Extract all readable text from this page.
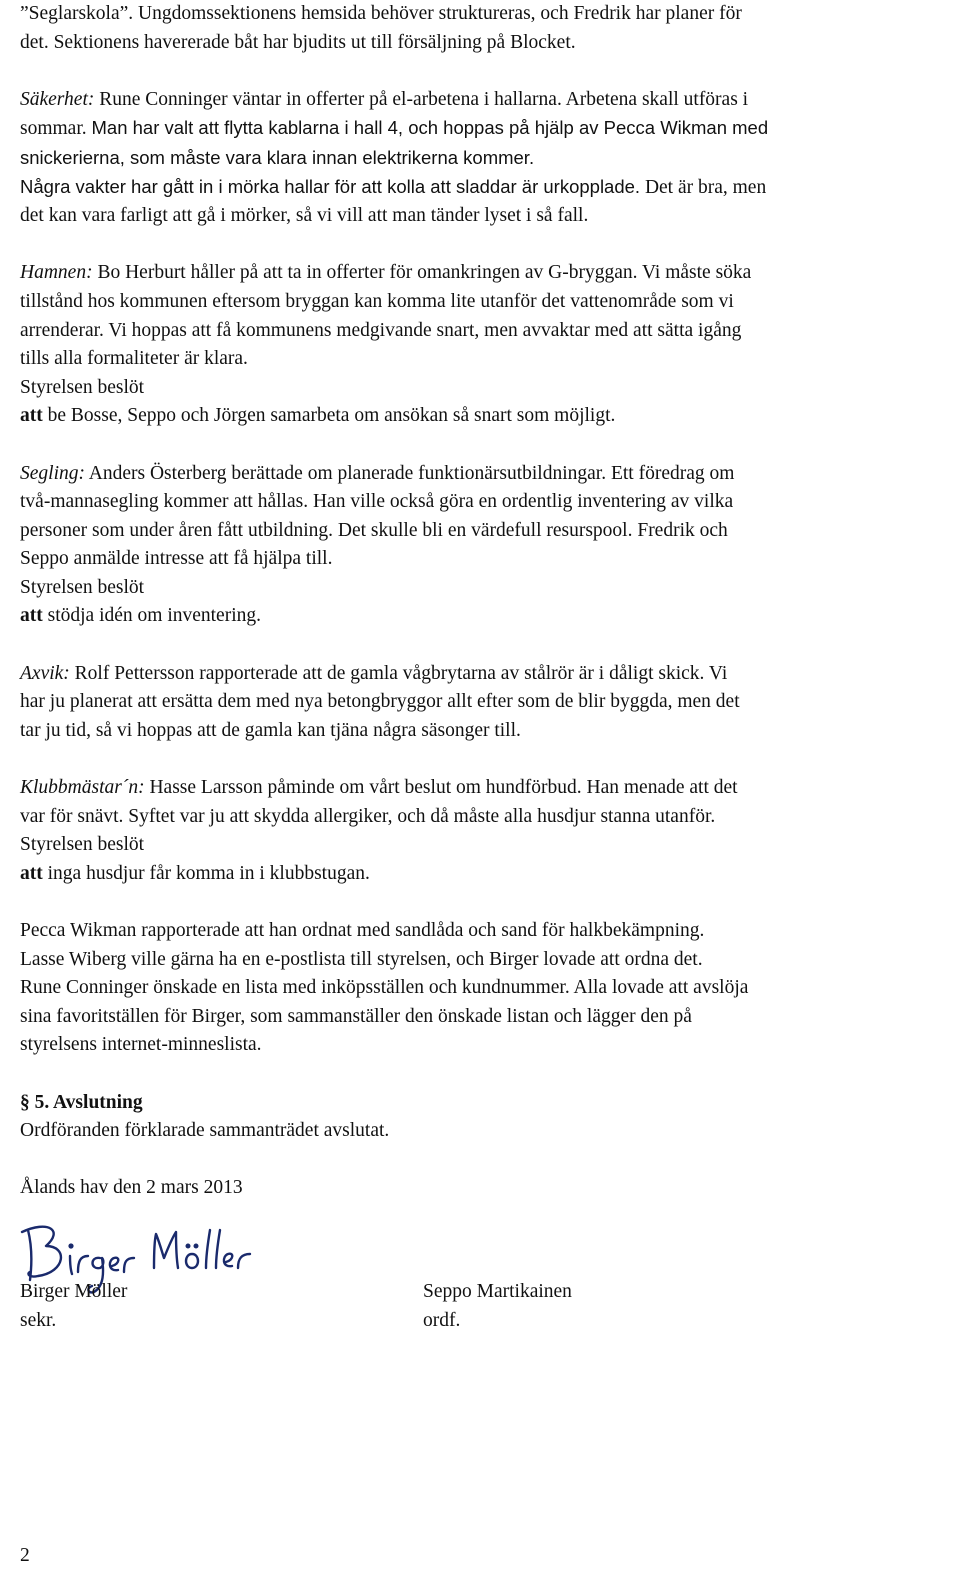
”Seglarskola”. Ungdomssektionens hemsida behöver struktureras, och Fredrik har planer för
det. Sektionens havererade båt har bjudits ut till försäljning på Blocket.
Säkerhet: Rune Conninger väntar in offerter på el-arbetena i hallarna. Arbetena skall utföras i
sommar. Man har valt att flytta kablarna i hall 4, och hoppas på hjälp av Pecca Wikman med
snickerierna, som måste vara klara innan elektrikerna kommer.
Några vakter har gått in i mörka hallar för att kolla att sladdar är urkopplade. Det är bra, men
det kan vara farligt att gå i mörker, så vi vill att man tänder lyset i så fall.
Hamnen: Bo Herburt håller på att ta in offerter för omankringen av G-bryggan. Vi måste söka
tillstånd hos kommunen eftersom bryggan kan komma lite utanför det vattenområde som vi
arrenderar. Vi hoppas att få kommunens medgivande snart, men avvaktar med att sätta igång
tills alla formaliteter är klara.
Styrelsen beslöt
att be Bosse, Seppo och Jörgen samarbeta om ansökan så snart som möjligt.
Segling: Anders Österberg berättade om planerade funktionärsutbildningar. Ett föredrag om
två-mannasegling kommer att hållas. Han ville också göra en ordentlig inventering av vilka
personer som under åren fått utbildning. Det skulle bli en värdefull resurspool. Fredrik och
Seppo anmälde intresse att få hjälpa till.
Styrelsen beslöt
att stödja idén om inventering.
Axvik: Rolf Pettersson rapporterade att de gamla vågbrytarna av stålrör är i dåligt skick. Vi
har ju planerat att ersätta dem med nya betongbryggor allt efter som de blir byggda, men det
tar ju tid, så vi hoppas att de gamla kan tjäna några säsonger till.
Klubbmästar´n: Hasse Larsson påminde om vårt beslut om hundförbud. Han menade att det
var för snävt. Syftet var ju att skydda allergiker, och då måste alla husdjur stanna utanför.
Styrelsen beslöt
att inga husdjur får komma in i klubbstugan.
Pecca Wikman rapporterade att han ordnat med sandlåda och sand för halkbekämpning.
Lasse Wiberg ville gärna ha en e-postlista till styrelsen, och Birger lovade att ordna det.
Rune Conninger önskade en lista med inköpsställen och kundnummer. Alla lovade att avslöja
sina favoritställen för Birger, som sammanställer den önskade listan och lägger den på
styrelsens internet-minneslista.
§ 5. Avslutning
Ordföranden förklarade sammanträdet avslutat.
Ålands hav den 2 mars 2013
Birger Möller
sekr.
Seppo Martikainen
ordf.
2
